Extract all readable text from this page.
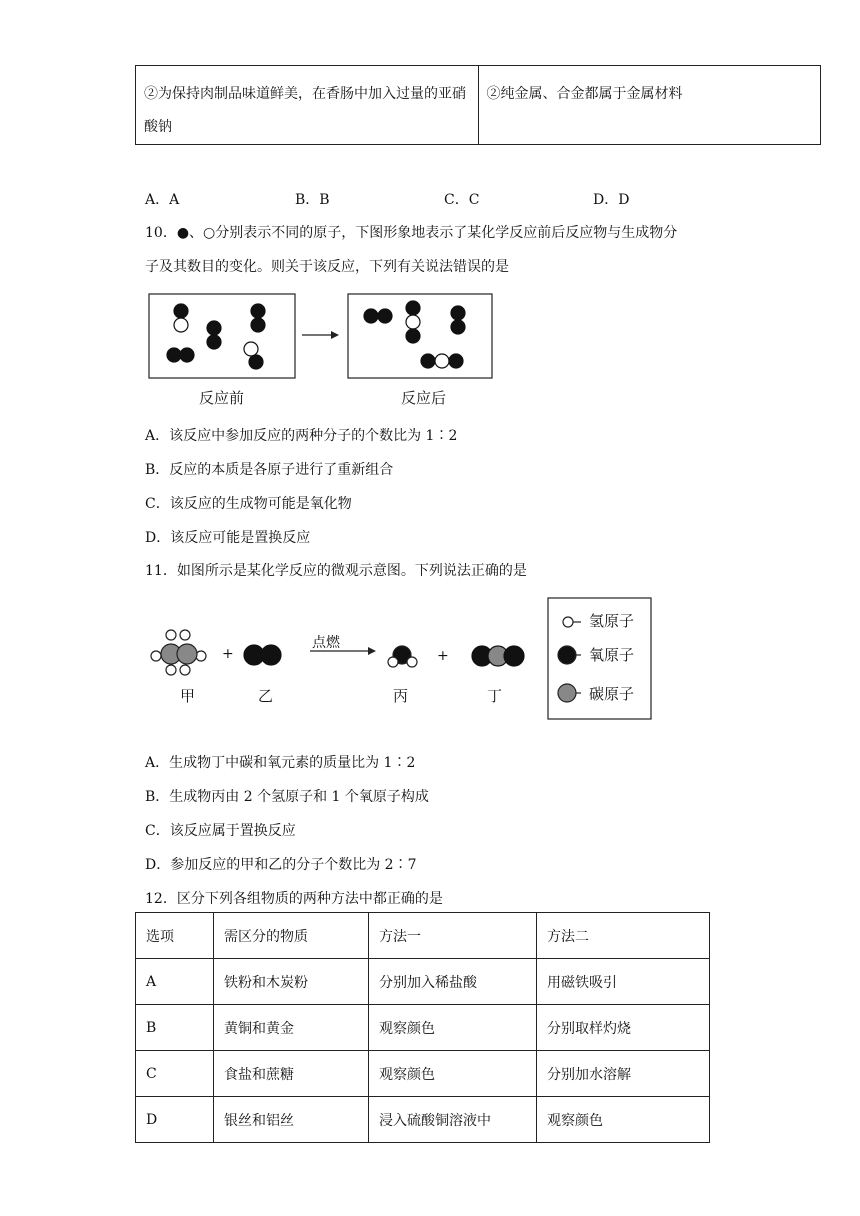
②为保持肉制品味道鲜美，在香肠中加入过量的亚硝酸钠	②纯金属、合金都属于金属材料
A．A	B．B	C．C	D．D
10．●、○分别表示不同的原子，下图形象地表示了某化学反应前后反应物与生成物分
子及其数目的变化。则关于该反应，下列有关说法错误的是
反应前	反应后
A．该反应中参加反应的两种分子的个数比为 1∶2
B．反应的本质是各原子进行了重新组合
C．该反应的生成物可能是氧化物
D．该反应可能是置换反应
11．如图所示是某化学反应的微观示意图。下列说法正确的是
点燃
+	+
甲	乙	丙	丁
氢原子
氧原子
碳原子
A．生成物丁中碳和氧元素的质量比为 1∶2
B．生成物丙由 2 个氢原子和 1 个氧原子构成
C．该反应属于置换反应
D．参加反应的甲和乙的分子个数比为 2∶7
12．区分下列各组物质的两种方法中都正确的是
选项	需区分的物质	方法一	方法二
A	铁粉和木炭粉	分别加入稀盐酸	用磁铁吸引
B	黄铜和黄金	观察颜色	分别取样灼烧
C	食盐和蔗糖	观察颜色	分别加水溶解
D	银丝和铝丝	浸入硫酸铜溶液中	观察颜色
